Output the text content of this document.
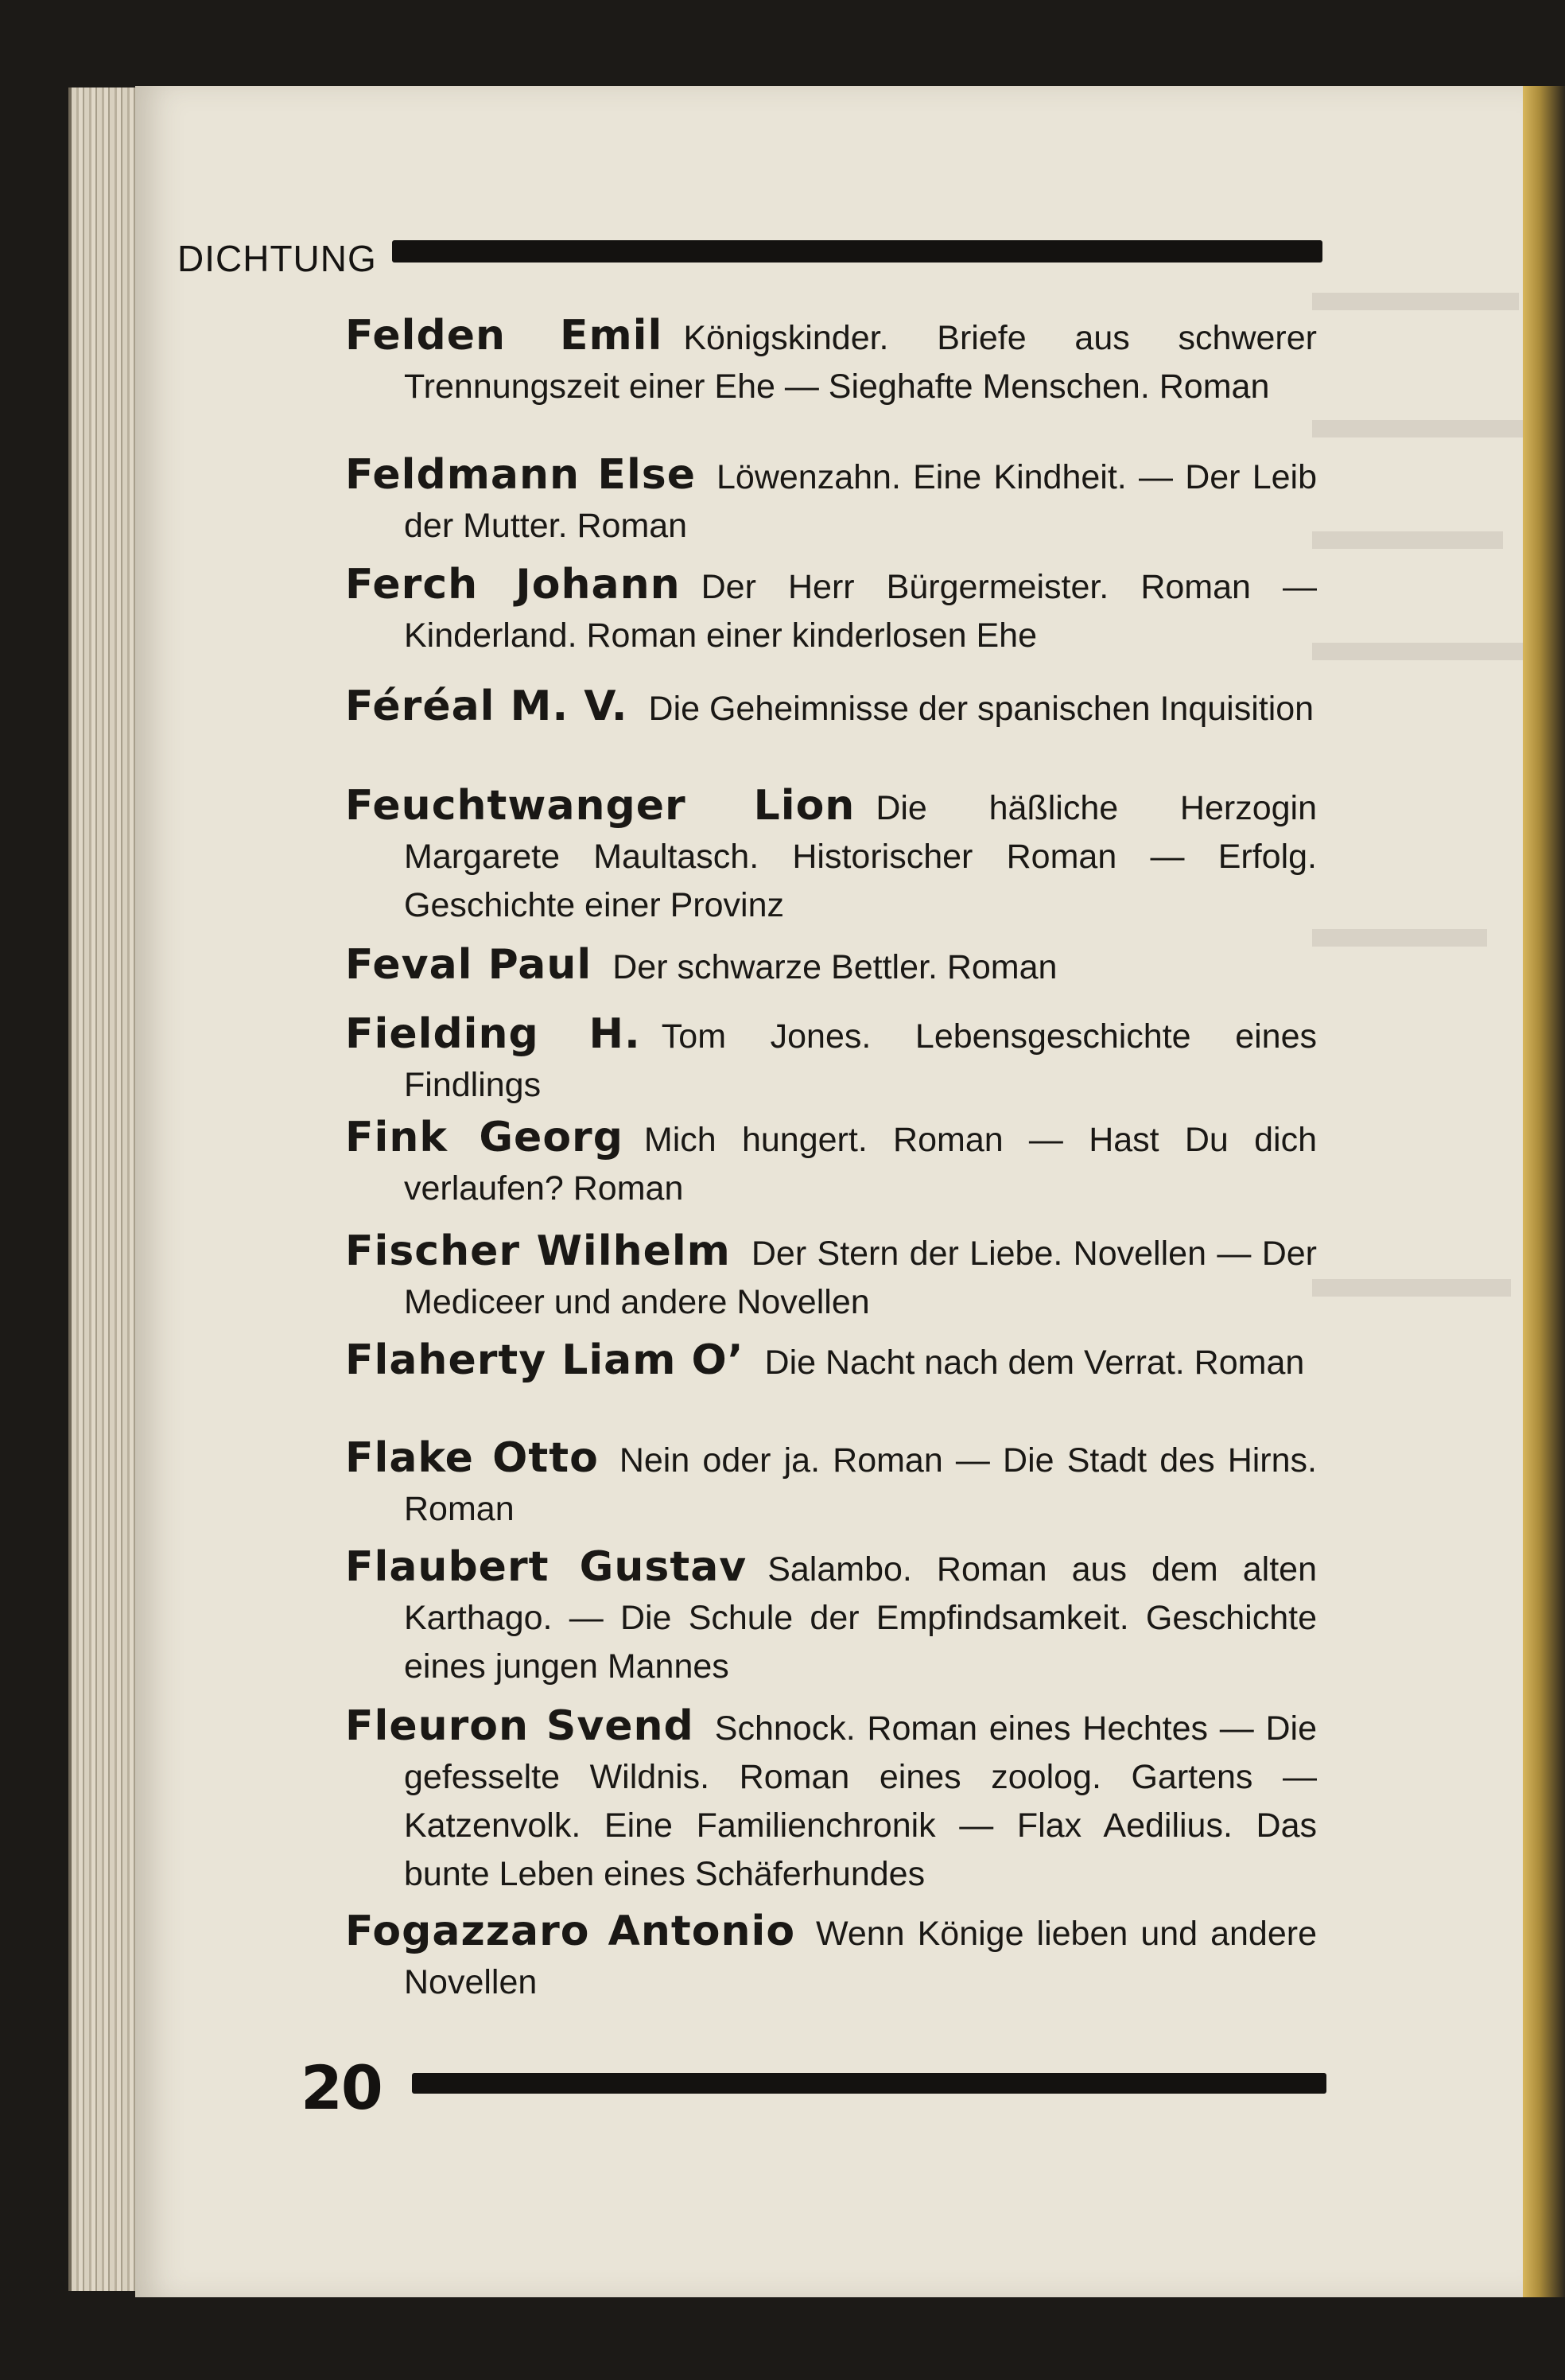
DICHTUNG
Felden Emil Königskinder. Briefe aus schwerer Trennungszeit einer Ehe — Sieghafte Menschen. Roman
Feldmann Else Löwenzahn. Eine Kindheit. — Der Leib der Mutter. Roman
Ferch Johann Der Herr Bürgermeister. Roman — Kinderland. Roman einer kinderlosen Ehe
Féréal M. V. Die Geheimnisse der spanischen Inquisition
Feuchtwanger Lion Die häßliche Herzogin Margarete Maultasch. Historischer Roman — Erfolg. Geschichte einer Provinz
Feval Paul Der schwarze Bettler. Roman
Fielding H. Tom Jones. Lebensgeschichte eines Findlings
Fink Georg Mich hungert. Roman — Hast Du dich verlaufen? Roman
Fischer Wilhelm Der Stern der Liebe. Novellen — Der Mediceer und andere Novellen
Flaherty Liam O’ Die Nacht nach dem Verrat. Roman
Flake Otto Nein oder ja. Roman — Die Stadt des Hirns. Roman
Flaubert Gustav Salambo. Roman aus dem alten Karthago. — Die Schule der Empfindsamkeit. Geschichte eines jungen Mannes
Fleuron Svend Schnock. Roman eines Hechtes — Die gefesselte Wildnis. Roman eines zoolog. Gartens — Katzenvolk. Eine Familienchronik — Flax Aedilius. Das bunte Leben eines Schäferhundes
Fogazzaro Antonio Wenn Könige lieben und andere Novellen
20
